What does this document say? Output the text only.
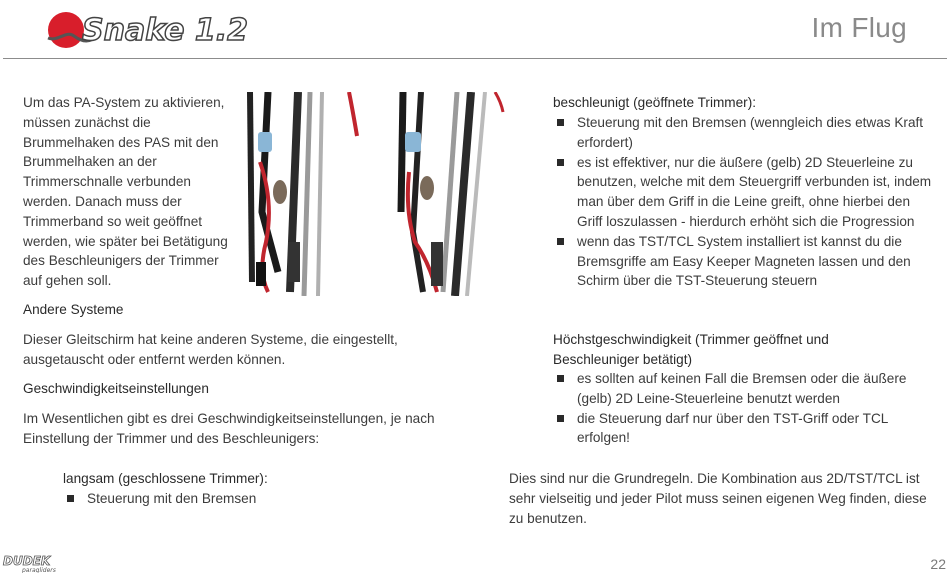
Snake 1.2	Im Flug
Um das PA-System zu aktivieren, müssen zunächst die Brummelhaken des PAS mit den Brummelhaken an der Trimmerschnalle verbunden werden. Danach muss der Trimmerband so weit geöffnet werden, wie später bei Betätigung des Beschleunigers der Trimmer auf gehen soll.
Andere Systeme
Dieser Gleitschirm hat keine anderen Systeme, die eingestellt, ausgetauscht oder entfernt werden können.
Geschwindigkeitseinstellungen
Im Wesentlichen gibt es drei Geschwindigkeitseinstellungen, je nach Einstellung der Trimmer und des Beschleunigers:
langsam (geschlossene Trimmer):
Steuerung mit den Bremsen
beschleunigt (geöffnete Trimmer):
Steuerung mit den Bremsen (wenngleich dies etwas Kraft erfordert)
es ist effektiver, nur die äußere (gelb) 2D Steuerleine zu benutzen, welche mit dem Steuergriff verbunden ist, indem man über dem Griff in die Leine greift, ohne hierbei den Griff loszulassen - hierdurch erhöht sich die Progression
wenn das TST/TCL System installiert ist kannst du die Bremsgriffe am Easy Keeper Magneten lassen und den Schirm über die TST-Steuerung steuern
Höchstgeschwindigkeit (Trimmer geöffnet und Beschleuniger betätigt)
es sollten auf keinen Fall die Bremsen oder die äußere (gelb) 2D Leine-Steuerleine benutzt werden
die Steuerung darf nur über den TST-Griff oder TCL erfolgen!
Dies sind nur die Grundregeln. Die Kombination aus 2D/TST/TCL ist sehr vielseitig und jeder Pilot muss seinen eigenen Weg finden, diese zu benutzen.
DUDEK
paragliders	22
